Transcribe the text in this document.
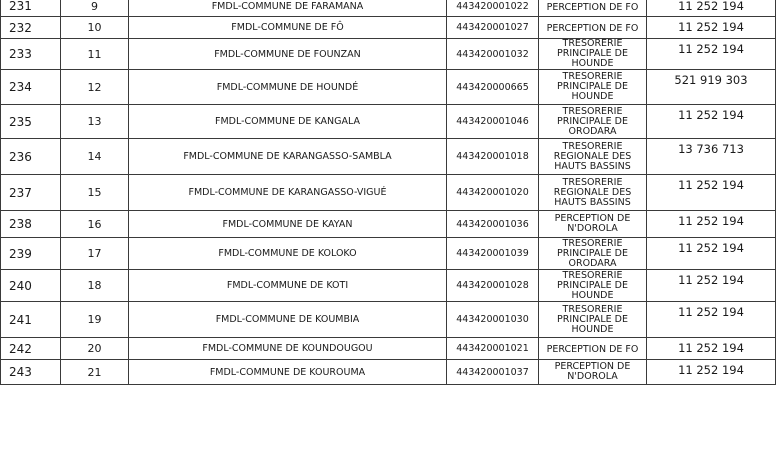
231	9	FMDL-COMMUNE DE FARAMANA	443420001022	PERCEPTION DE FO	11 252 194
232	10	FMDL-COMMUNE DE FÔ	443420001027	PERCEPTION DE FO	11 252 194
233	11	FMDL-COMMUNE DE FOUNZAN	443420001032	TRESORERIE
PRINCIPALE DE
HOUNDE	11 252 194
234	12	FMDL-COMMUNE DE HOUNDÉ	443420000665	TRESORERIE
PRINCIPALE DE
HOUNDE	521 919 303
235	13	FMDL-COMMUNE DE KANGALA	443420001046	TRESORERIE
PRINCIPALE DE
ORODARA	11 252 194
236	14	FMDL-COMMUNE DE KARANGASSO-SAMBLA	443420001018	TRESORERIE
REGIONALE DES
HAUTS BASSINS	13 736 713
237	15	FMDL-COMMUNE DE KARANGASSO-VIGUÉ	443420001020	TRESORERIE
REGIONALE DES
HAUTS BASSINS	11 252 194
238	16	FMDL-COMMUNE DE KAYAN	443420001036	PERCEPTION DE
N'DOROLA	11 252 194
239	17	FMDL-COMMUNE DE KOLOKO	443420001039	TRESORERIE
PRINCIPALE DE
ORODARA	11 252 194
240	18	FMDL-COMMUNE DE KOTI	443420001028	TRESORERIE
PRINCIPALE DE
HOUNDE	11 252 194
241	19	FMDL-COMMUNE DE KOUMBIA	443420001030	TRESORERIE
PRINCIPALE DE
HOUNDE	11 252 194
242	20	FMDL-COMMUNE DE KOUNDOUGOU	443420001021	PERCEPTION DE FO	11 252 194
243	21	FMDL-COMMUNE DE KOUROUMA	443420001037	PERCEPTION DE
N'DOROLA	11 252 194
